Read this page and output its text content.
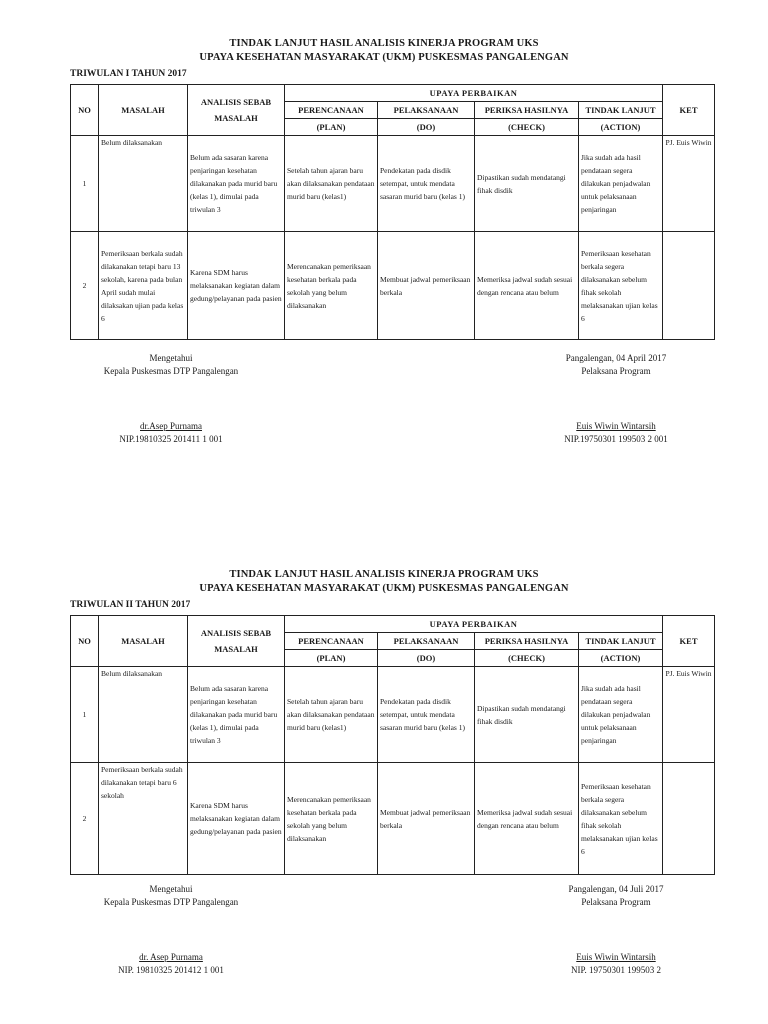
TINDAK LANJUT HASIL ANALISIS KINERJA PROGRAM UKS
UPAYA KESEHATAN MASYARAKAT (UKM) PUSKESMAS PANGALENGAN
TRIWULAN I TAHUN 2017
NO	MASALAH	ANALISIS SEBAB MASALAH	UPAYA PERBAIKAN				KET
			PERENCANAAN	PELAKSANAAN	PERIKSA HASILNYA	TINDAK LANJUT	
			(PLAN)	(DO)	(CHECK)	(ACTION)	
1	Belum dilaksanakan	Belum ada sasaran karena penjaringan kesehatan dilakanakan pada murid baru (kelas 1), dimulai pada triwulan 3	Setelah tahun ajaran baru akan dilaksanakan pendataan murid baru (kelas1)	Pendekatan pada disdik setempat, untuk mendata sasaran murid baru (kelas 1)	Dipastikan sudah mendatangi fihak disdik	Jika sudah ada hasil pendataan segera dilakukan penjadwalan untuk pelaksanaan penjaringan	PJ. Euis Wiwin
2	Pemeriksaan berkala sudah dilakanakan tetapi baru 13 sekolah, karena pada bulan April sudah mulai dilaksakan ujian pada kelas 6	Karena SDM harus melaksanakan kegiatan dalam gedung/pelayanan pada pasien	Merencanakan pemeriksaan kesehatan berkala pada sekolah yang belum dilaksanakan	Membuat jadwal pemeriksaan berkala	Memeriksa jadwal sudah sesuai dengan rencana atau belum	Pemeriksaan kesehatan berkala segera dilaksanakan sebelum fihak sekolah melaksanakan ujian kelas 6	
Mengetahui
Kepala Puskesmas DTP Pangalengan
Pangalengan, 04 April 2017
Pelaksana Program
dr.Asep Purnama
NIP.19810325 201411 1 001
Euis Wiwin Wintarsih
NIP.19750301 199503 2 001
TINDAK LANJUT HASIL ANALISIS KINERJA PROGRAM UKS
UPAYA KESEHATAN MASYARAKAT (UKM) PUSKESMAS PANGALENGAN
TRIWULAN II TAHUN 2017
NO	MASALAH	ANALISIS SEBAB MASALAH	UPAYA PERBAIKAN				KET
			PERENCANAAN	PELAKSANAAN	PERIKSA HASILNYA	TINDAK LANJUT	
			(PLAN)	(DO)	(CHECK)	(ACTION)	
1	Belum dilaksanakan	Belum ada sasaran karena penjaringan kesehatan dilakanakan pada murid baru (kelas 1), dimulai pada triwulan 3	Setelah tahun ajaran baru akan dilaksanakan pendataan murid baru (kelas1)	Pendekatan pada disdik setempat, untuk mendata sasaran murid baru (kelas 1)	Dipastikan sudah mendatangi fihak disdik	Jika sudah ada hasil pendataan segera dilakukan penjadwalan untuk pelaksanaan penjaringan	PJ. Euis Wiwin
2	Pemeriksaan berkala sudah dilakanakan tetapi baru 6 sekolah	Karena SDM harus melaksanakan kegiatan dalam gedung/pelayanan pada pasien	Merencanakan pemeriksaan kesehatan berkala pada sekolah yang belum dilaksanakan	Membuat jadwal pemeriksaan berkala	Memeriksa jadwal sudah sesuai dengan rencana atau belum	Pemeriksaan kesehatan berkala segera dilaksanakan sebelum fihak sekolah melaksanakan ujian kelas 6	
Mengetahui
Kepala Puskesmas DTP Pangalengan
Pangalengan, 04 Juli 2017
Pelaksana Program
dr. Asep Purnama
NIP. 19810325 201412 1 001
Euis Wiwin Wintarsih
NIP. 19750301 199503 2
